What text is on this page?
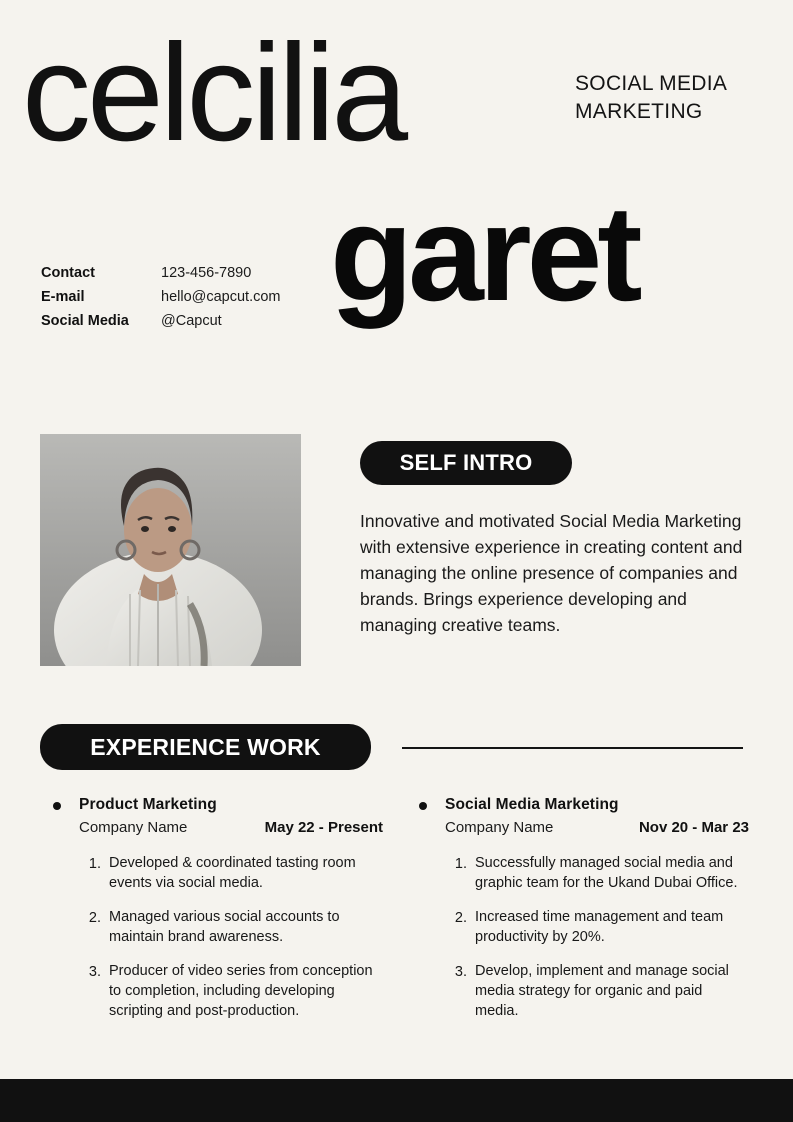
celcilia	SOCIAL MEDIA
MARKETING
garet
Contact	123-456-7890
E-mail	hello@capcut.com
Social Media	@Capcut
SELF INTRO
Innovative and motivated Social Media Marketing with extensive experience in creating content and managing the online presence of companies and brands. Brings experience developing and managing creative teams.
EXPERIENCE WORK
Product Marketing
Company Name	May 22 - Present
1. Developed & coordinated tasting room events via social media.
2. Managed various social accounts to maintain brand awareness.
3. Producer of video series from conception to completion, including developing scripting and post-production.
Social Media Marketing
Company Name	Nov 20 - Mar 23
1. Successfully managed social media and graphic team for the Ukand Dubai Office.
2. Increased time management and team productivity by 20%.
3. Develop, implement and manage social media strategy for organic and paid media.
